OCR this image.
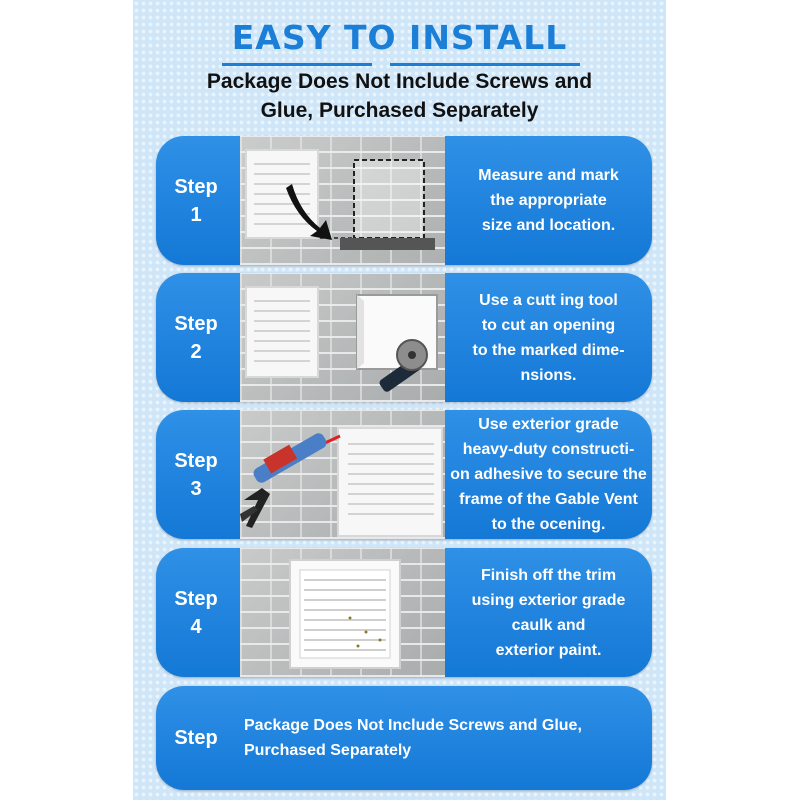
EASY TO INSTALL
Package Does Not Include Screws and
Glue, Purchased Separately
Step
1
Measure and mark
the appropriate
size and location.
Step
2
Use a cutt ing tool
to cut an opening
to the marked dime-
nsions.
Step
3
Use exterior grade
heavy-duty constructi-
on adhesive to secure the
frame of the Gable Vent
to the ocening.
Step
4
Finish off the trim
using exterior grade
caulk and
exterior paint.
Step
Package Does Not Include Screws and Glue,
Purchased Separately
